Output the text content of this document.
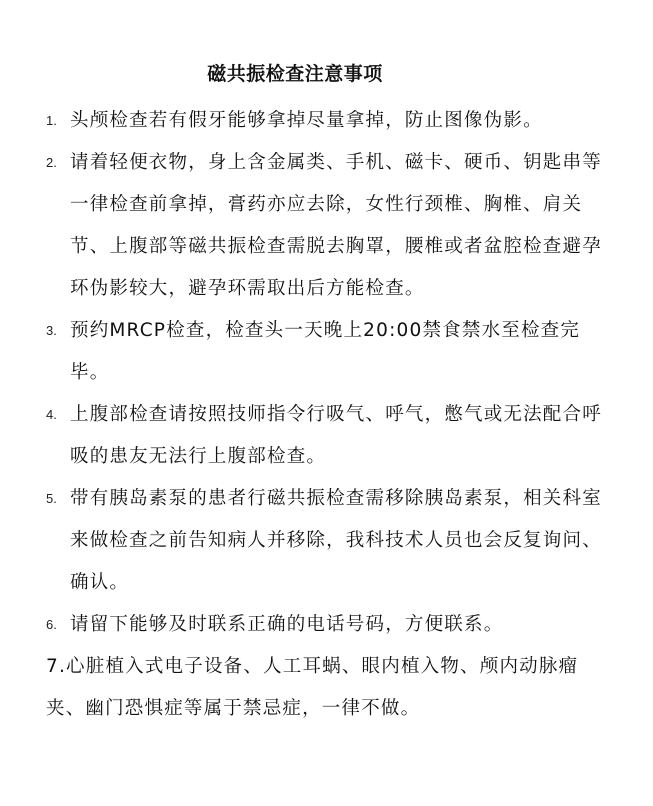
磁共振检查注意事项
1. 头颅检查若有假牙能够拿掉尽量拿掉，防止图像伪影。
2. 请着轻便衣物，身上含金属类、手机、磁卡、硬币、钥匙串等一律检查前拿掉，膏药亦应去除，女性行颈椎、胸椎、肩关节、上腹部等磁共振检查需脱去胸罩，腰椎或者盆腔检查避孕环伪影较大，避孕环需取出后方能检查。
3. 预约MRCP检查，检查头一天晚上20:00禁食禁水至检查完毕。
4. 上腹部检查请按照技师指令行吸气、呼气，憋气或无法配合呼吸的患友无法行上腹部检查。
5. 带有胰岛素泵的患者行磁共振检查需移除胰岛素泵，相关科室来做检查之前告知病人并移除，我科技术人员也会反复询问、确认。
6. 请留下能够及时联系正确的电话号码，方便联系。
7.心脏植入式电子设备、人工耳蜗、眼内植入物、颅内动脉瘤夹、幽门恐惧症等属于禁忌症，一律不做。
